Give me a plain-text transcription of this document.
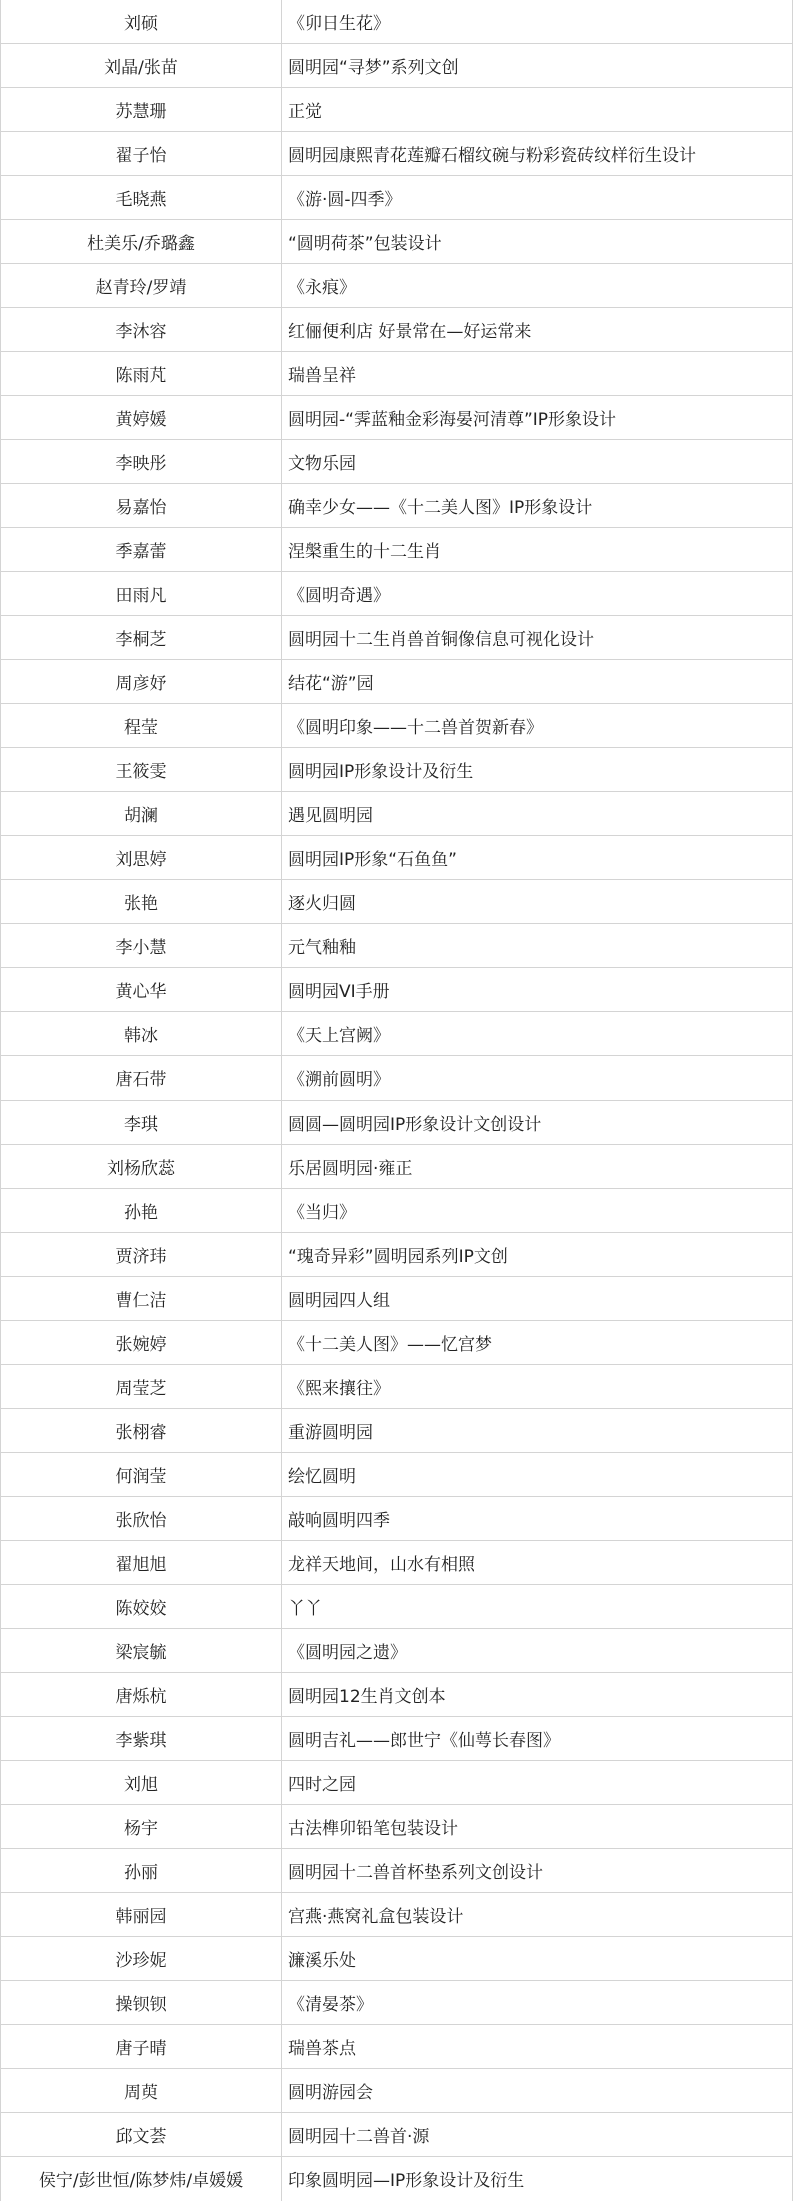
刘硕	《卯日生花》
刘晶/张苗	圆明园“寻梦”系列文创
苏慧珊	正觉
翟子怡	圆明园康熙青花莲瓣石榴纹碗与粉彩瓷砖纹样衍生设计
毛晓燕	《游·圆-四季》
杜美乐/乔璐鑫	“圆明荷茶”包装设计
赵青玲/罗靖	《永痕》
李沐容	红俪便利店 好景常在—好运常来
陈雨芃	瑞兽呈祥
黄婷媛	圆明园-“霁蓝釉金彩海晏河清尊”IP形象设计
李映彤	文物乐园
易嘉怡	确幸少女——《十二美人图》IP形象设计
季嘉蕾	涅槃重生的十二生肖
田雨凡	《圆明奇遇》
李桐芝	圆明园十二生肖兽首铜像信息可视化设计
周彦妤	结花“游”园
程莹	《圆明印象——十二兽首贺新春》
王筱雯	圆明园IP形象设计及衍生
胡澜	遇见圆明园
刘思婷	圆明园IP形象“石鱼鱼”
张艳	逐火归圆
李小慧	元气釉釉
黄心华	圆明园VI手册
韩冰	《天上宫阙》
唐石带	《溯前圆明》
李琪	圆圆—圆明园IP形象设计文创设计
刘杨欣蕊	乐居圆明园·雍正
孙艳	《当归》
贾济玮	“瑰奇异彩”圆明园系列IP文创
曹仁洁	圆明园四人组
张婉婷	《十二美人图》——忆宫梦
周莹芝	《熙来攘往》
张栩睿	重游圆明园
何润莹	绘忆圆明
张欣怡	敲响圆明四季
翟旭旭	龙祥天地间，山水有相照
陈姣姣	丫丫
梁宸毓	《圆明园之遗》
唐烁杭	圆明园12生肖文创本
李紫琪	圆明吉礼——郎世宁《仙萼长春图》
刘旭	四时之园
杨宇	古法榫卯铅笔包装设计
孙丽	圆明园十二兽首杯垫系列文创设计
韩丽园	宫燕·燕窝礼盒包装设计
沙珍妮	濂溪乐处
操钡钡	《清晏茶》
唐子晴	瑞兽茶点
周萸	圆明游园会
邱文荟	圆明园十二兽首·源
侯宁/彭世恒/陈梦炜/卓媛媛	印象圆明园—IP形象设计及衍生
